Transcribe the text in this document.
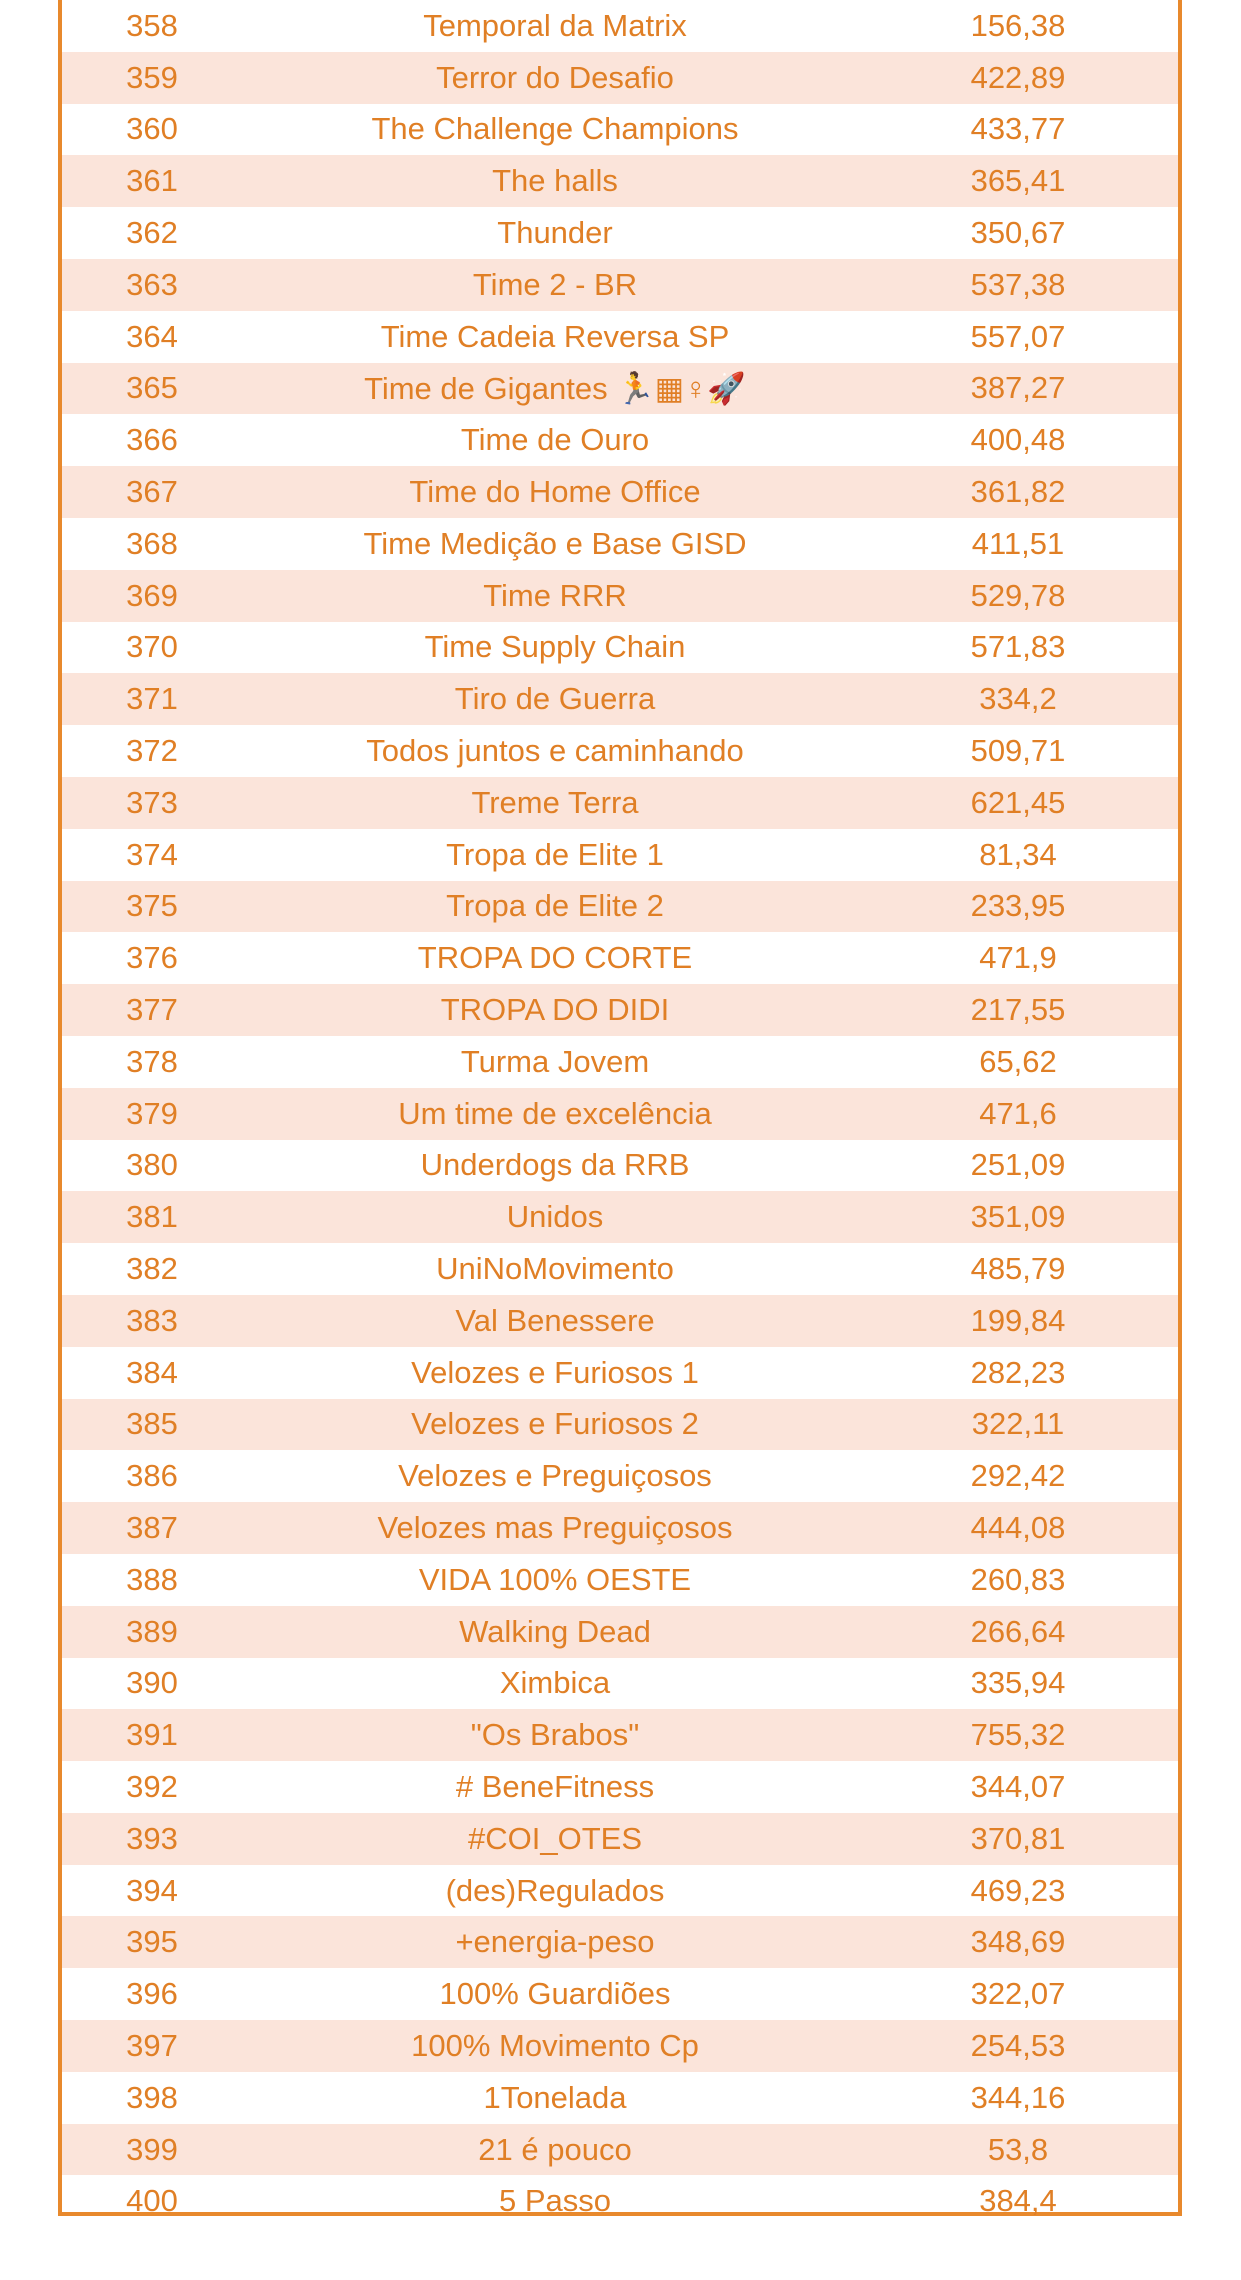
358	Temporal da Matrix	156,38
359	Terror do Desafio	422,89
360	The Challenge Champions	433,77
361	The halls	365,41
362	Thunder	350,67
363	Time 2 - BR	537,38
364	Time Cadeia Reversa SP	557,07
365	Time de Gigantes 🏃▦♀🚀	387,27
366	Time de Ouro	400,48
367	Time do Home Office	361,82
368	Time Medição e Base GISD	411,51
369	Time RRR	529,78
370	Time Supply Chain	571,83
371	Tiro de Guerra	334,2
372	Todos juntos e caminhando	509,71
373	Treme Terra	621,45
374	Tropa de Elite 1	81,34
375	Tropa de Elite 2	233,95
376	TROPA DO CORTE	471,9
377	TROPA DO DIDI	217,55
378	Turma Jovem	65,62
379	Um time de excelência	471,6
380	Underdogs da RRB	251,09
381	Unidos	351,09
382	UniNoMovimento	485,79
383	Val Benessere	199,84
384	Velozes e Furiosos 1	282,23
385	Velozes e Furiosos 2	322,11
386	Velozes e Preguiçosos	292,42
387	Velozes mas Preguiçosos	444,08
388	VIDA 100% OESTE	260,83
389	Walking Dead	266,64
390	Ximbica	335,94
391	"Os Brabos"	755,32
392	# BeneFitness	344,07
393	#COI_OTES	370,81
394	(des)Regulados	469,23
395	+energia-peso	348,69
396	100% Guardiões	322,07
397	100% Movimento Cp	254,53
398	1Tonelada	344,16
399	21 é pouco	53,8
400	5 Passo	384,4
